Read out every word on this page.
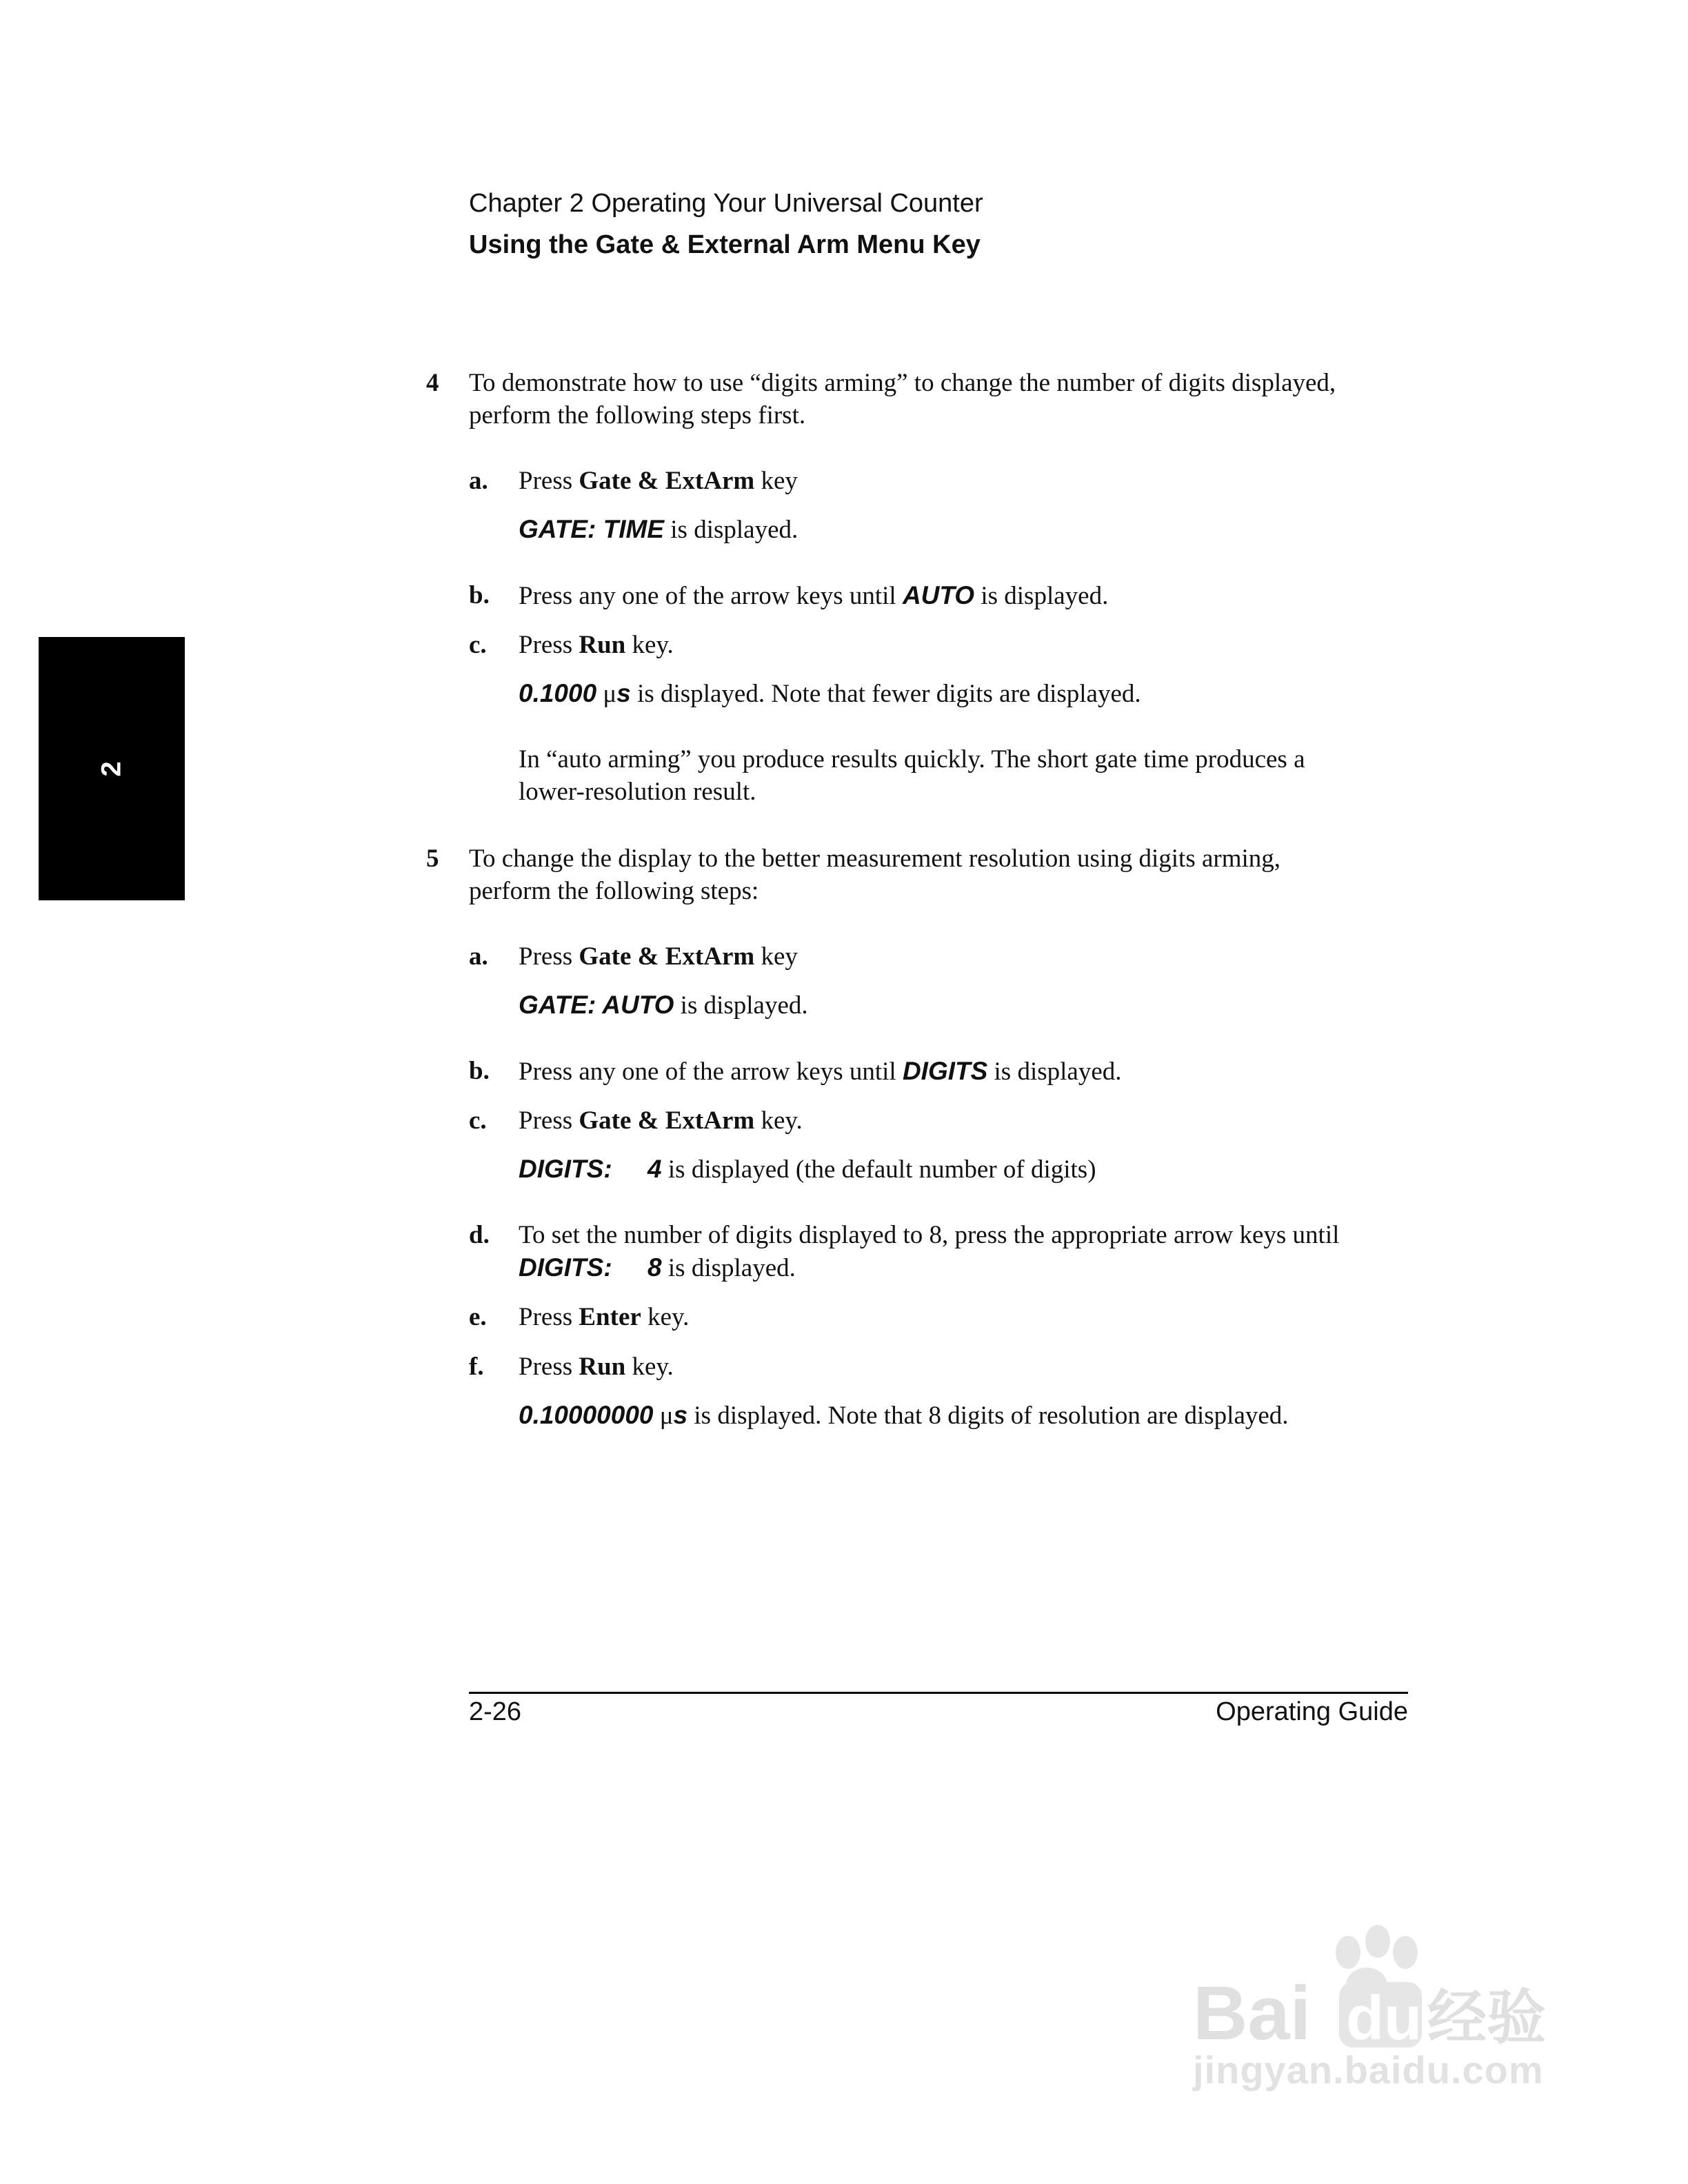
Chapter 2 Operating Your Universal Counter
Using the Gate & External Arm Menu Key
2
4 To demonstrate how to use “digits arming” to change the number of digits displayed,
perform the following steps first.
a. Press Gate & ExtArm key
GATE: TIME is displayed.
b. Press any one of the arrow keys until AUTO is displayed.
c. Press Run key.
0.1000 μs is displayed. Note that fewer digits are displayed.
In “auto arming” you produce results quickly. The short gate time produces a
lower-resolution result.
5 To change the display to the better measurement resolution using digits arming,
perform the following steps:
a. Press Gate & ExtArm key
GATE: AUTO is displayed.
b. Press any one of the arrow keys until DIGITS is displayed.
c. Press Gate & ExtArm key.
DIGITS:     4 is displayed (the default number of digits)
d. To set the number of digits displayed to 8, press the appropriate arrow keys until
DIGITS:     8 is displayed.
e. Press Enter key.
f. Press Run key.
0.10000000 μs is displayed. Note that 8 digits of resolution are displayed.
2-26	Operating Guide
Bai du 经验
jingyan.baidu.com
